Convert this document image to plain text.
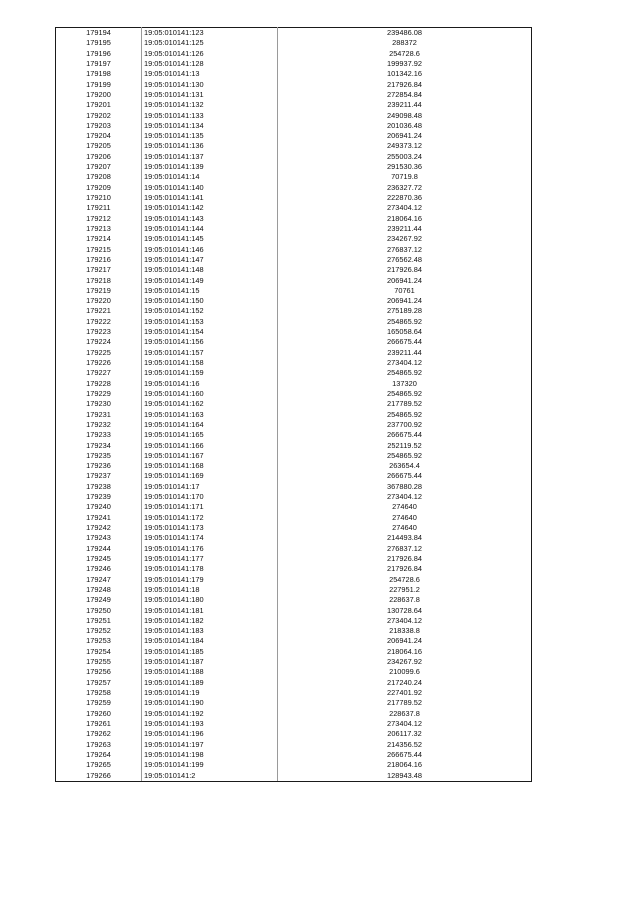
179194	19:05:010141:123	239486.08
179195	19:05:010141:125	288372
179196	19:05:010141:126	254728.6
179197	19:05:010141:128	199937.92
179198	19:05:010141:13	101342.16
179199	19:05:010141:130	217926.84
179200	19:05:010141:131	272854.84
179201	19:05:010141:132	239211.44
179202	19:05:010141:133	249098.48
179203	19:05:010141:134	201036.48
179204	19:05:010141:135	206941.24
179205	19:05:010141:136	249373.12
179206	19:05:010141:137	255003.24
179207	19:05:010141:139	291530.36
179208	19:05:010141:14	70719.8
179209	19:05:010141:140	236327.72
179210	19:05:010141:141	222870.36
179211	19:05:010141:142	273404.12
179212	19:05:010141:143	218064.16
179213	19:05:010141:144	239211.44
179214	19:05:010141:145	234267.92
179215	19:05:010141:146	276837.12
179216	19:05:010141:147	276562.48
179217	19:05:010141:148	217926.84
179218	19:05:010141:149	206941.24
179219	19:05:010141:15	70761
179220	19:05:010141:150	206941.24
179221	19:05:010141:152	275189.28
179222	19:05:010141:153	254865.92
179223	19:05:010141:154	165058.64
179224	19:05:010141:156	266675.44
179225	19:05:010141:157	239211.44
179226	19:05:010141:158	273404.12
179227	19:05:010141:159	254865.92
179228	19:05:010141:16	137320
179229	19:05:010141:160	254865.92
179230	19:05:010141:162	217789.52
179231	19:05:010141:163	254865.92
179232	19:05:010141:164	237700.92
179233	19:05:010141:165	266675.44
179234	19:05:010141:166	252119.52
179235	19:05:010141:167	254865.92
179236	19:05:010141:168	263654.4
179237	19:05:010141:169	266675.44
179238	19:05:010141:17	367880.28
179239	19:05:010141:170	273404.12
179240	19:05:010141:171	274640
179241	19:05:010141:172	274640
179242	19:05:010141:173	274640
179243	19:05:010141:174	214493.84
179244	19:05:010141:176	276837.12
179245	19:05:010141:177	217926.84
179246	19:05:010141:178	217926.84
179247	19:05:010141:179	254728.6
179248	19:05:010141:18	227951.2
179249	19:05:010141:180	228637.8
179250	19:05:010141:181	130728.64
179251	19:05:010141:182	273404.12
179252	19:05:010141:183	218338.8
179253	19:05:010141:184	206941.24
179254	19:05:010141:185	218064.16
179255	19:05:010141:187	234267.92
179256	19:05:010141:188	210099.6
179257	19:05:010141:189	217240.24
179258	19:05:010141:19	227401.92
179259	19:05:010141:190	217789.52
179260	19:05:010141:192	228637.8
179261	19:05:010141:193	273404.12
179262	19:05:010141:196	206117.32
179263	19:05:010141:197	214356.52
179264	19:05:010141:198	266675.44
179265	19:05:010141:199	218064.16
179266	19:05:010141:2	128943.48
